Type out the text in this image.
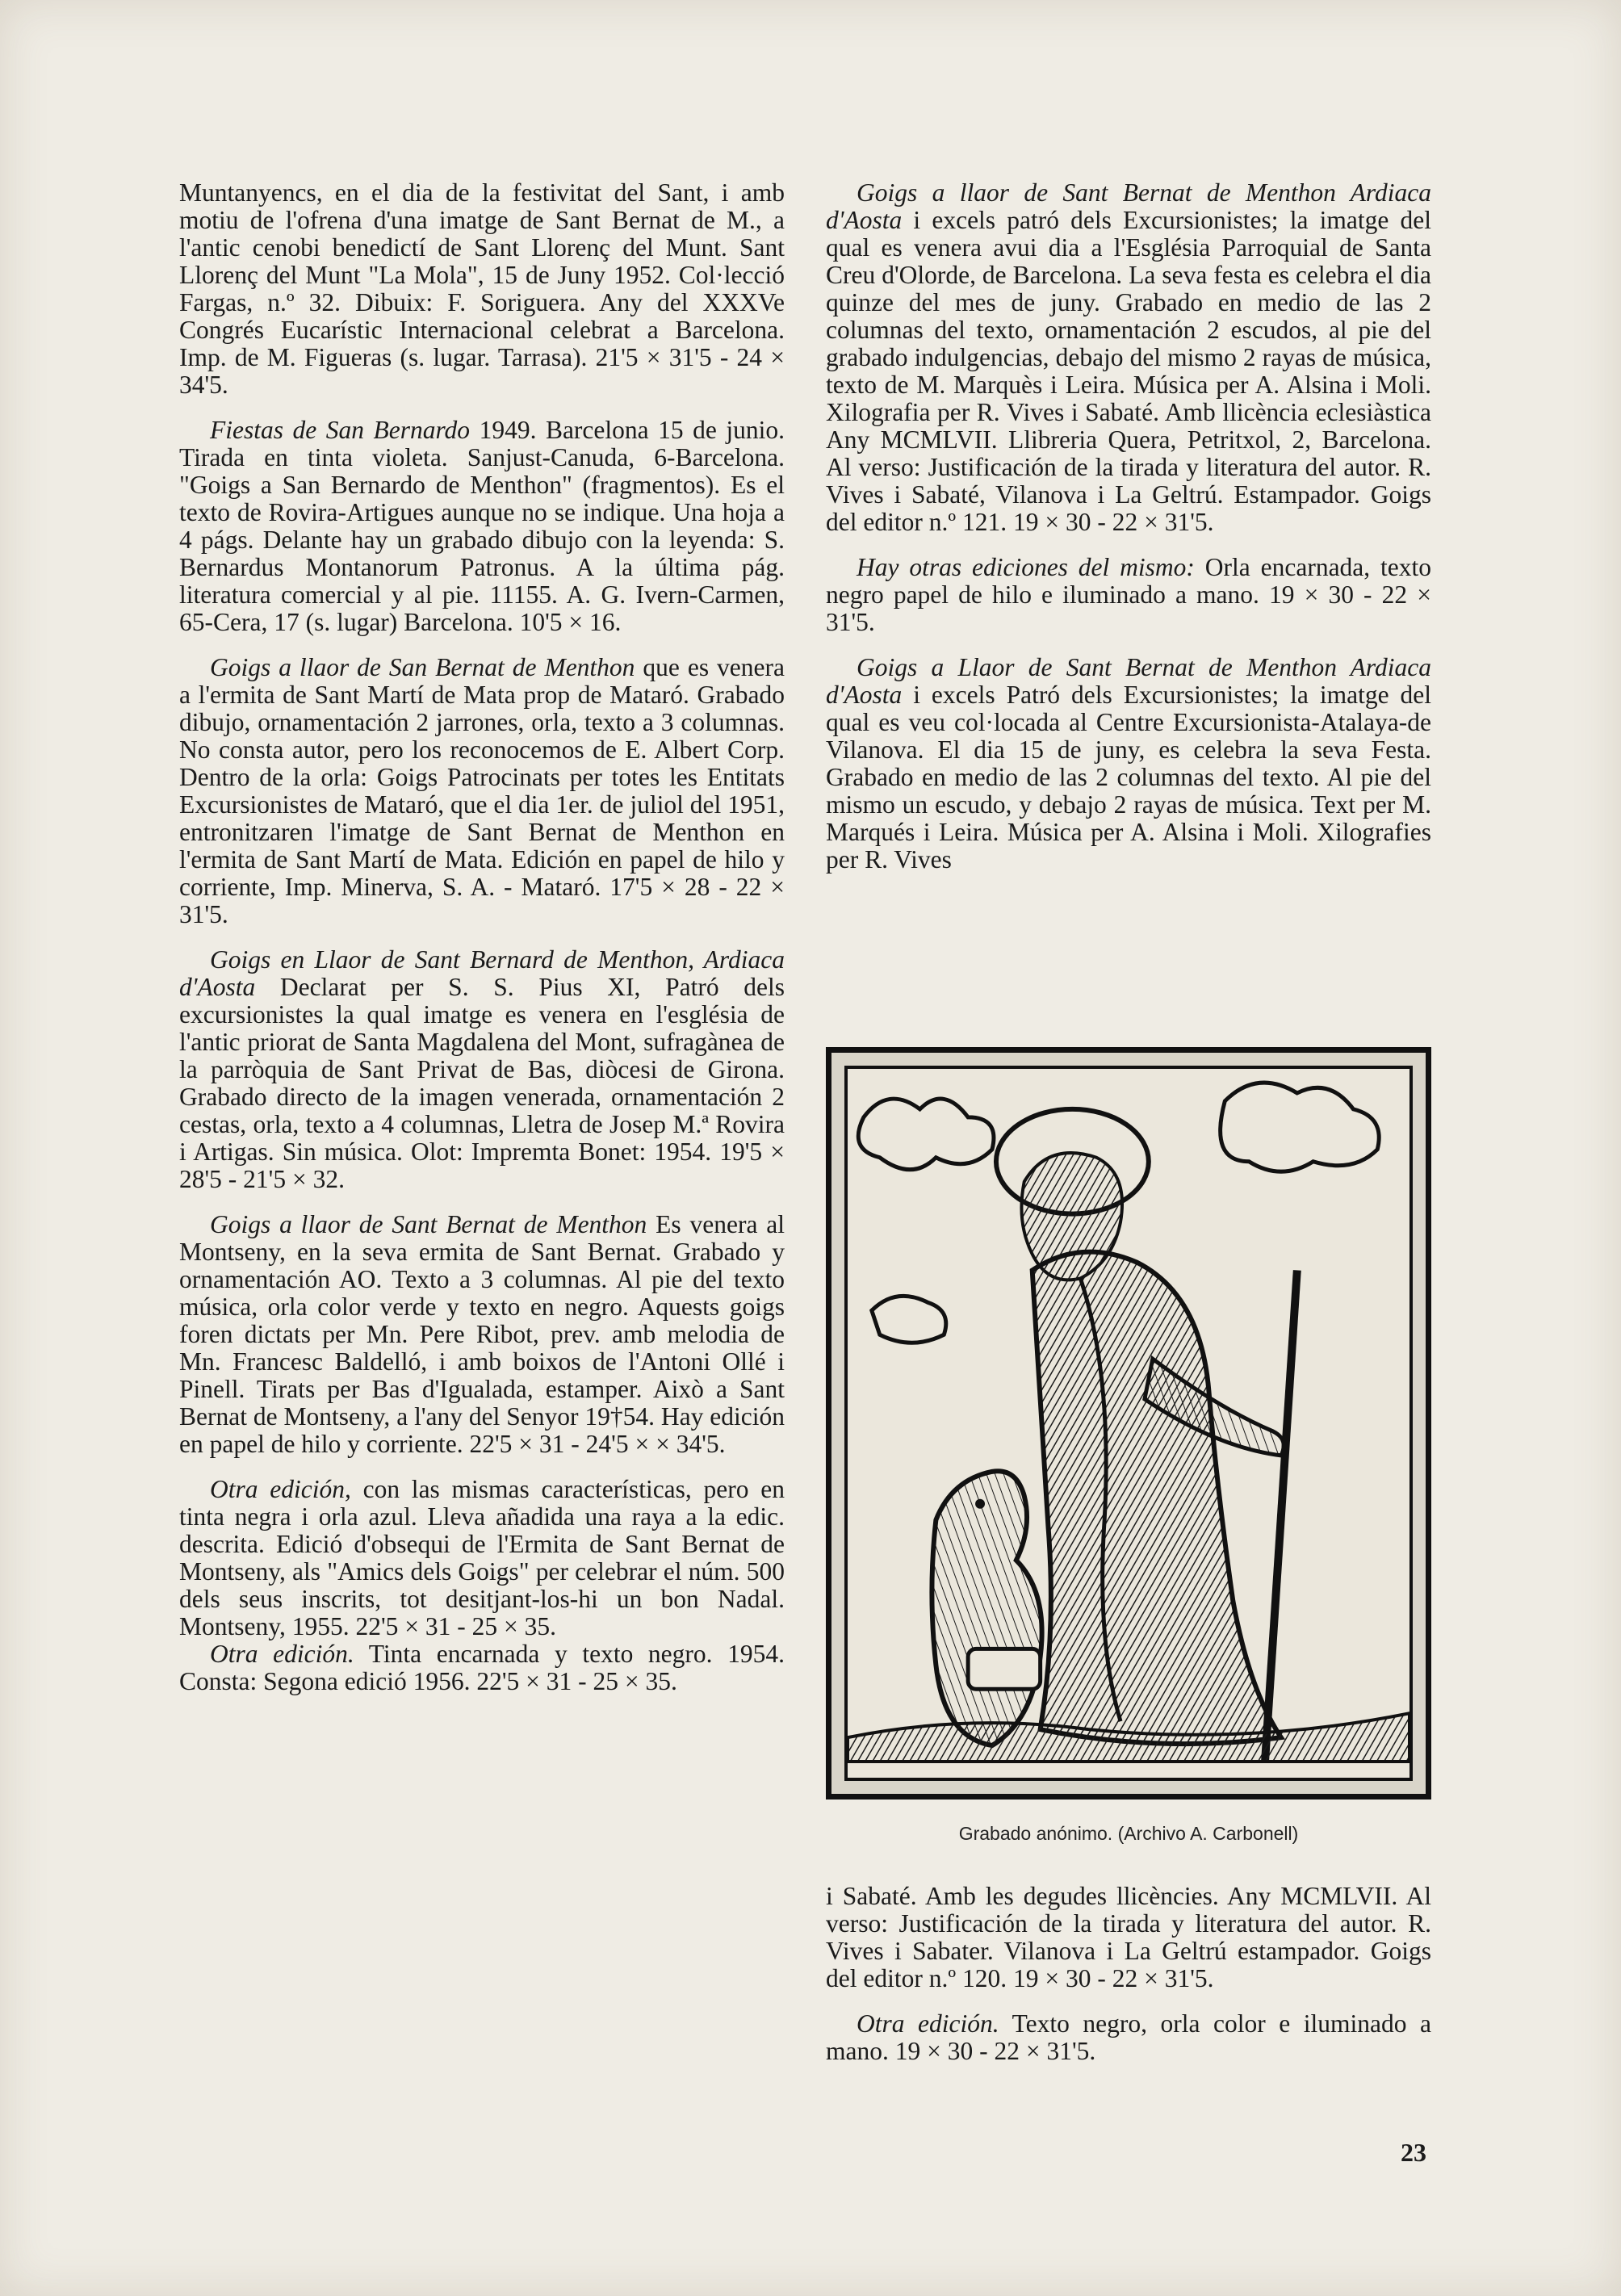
Muntanyencs, en el dia de la festivitat del Sant, i amb motiu de l'ofrena d'una imatge de Sant Bernat de M., a l'antic cenobi benedictí de Sant Llorenç del Munt. Sant Llorenç del Munt "La Mola", 15 de Juny 1952. Col·lecció Fargas, n.º 32. Dibuix: F. Soriguera. Any del XXXVe Congrés Eucarístic Internacional celebrat a Barcelona. Imp. de M. Figueras (s. lugar. Tarrasa). 21'5 × 31'5 - 24 × 34'5.

Fiestas de San Bernardo 1949. Barcelona 15 de junio. Tirada en tinta violeta. Sanjust-Canuda, 6-Barcelona. "Goigs a San Bernardo de Menthon" (fragmentos). Es el texto de Rovira-Artigues aunque no se indique. Una hoja a 4 págs. Delante hay un grabado dibujo con la leyenda: S. Bernardus Montanorum Patronus. A la última pág. literatura comercial y al pie. 11155. A. G. Ivern-Carmen, 65-Cera, 17 (s. lugar) Barcelona. 10'5 × 16.

Goigs a llaor de San Bernat de Menthon que es venera a l'ermita de Sant Martí de Mata prop de Mataró. Grabado dibujo, ornamentación 2 jarrones, orla, texto a 3 columnas. No consta autor, pero los reconocemos de E. Albert Corp. Dentro de la orla: Goigs Patrocinats per totes les Entitats Excursionistes de Mataró, que el dia 1er. de juliol del 1951, entronitzaren l'imatge de Sant Bernat de Menthon en l'ermita de Sant Martí de Mata. Edición en papel de hilo y corriente, Imp. Minerva, S. A. - Mataró. 17'5 × 28 - 22 × 31'5.

Goigs en Llaor de Sant Bernard de Menthon, Ardiaca d'Aosta Declarat per S. S. Pius XI, Patró dels excursionistes la qual imatge es venera en l'església de l'antic priorat de Santa Magdalena del Mont, sufragànea de la parròquia de Sant Privat de Bas, diòcesi de Girona. Grabado directo de la imagen venerada, ornamentación 2 cestas, orla, texto a 4 columnas, Lletra de Josep M.ª Rovira i Artigas. Sin música. Olot: Impremta Bonet: 1954. 19'5 × 28'5 - 21'5 × 32.

Goigs a llaor de Sant Bernat de Menthon Es venera al Montseny, en la seva ermita de Sant Bernat. Grabado y ornamentación AO. Texto a 3 columnas. Al pie del texto música, orla color verde y texto en negro. Aquests goigs foren dictats per Mn. Pere Ribot, prev. amb melodia de Mn. Francesc Baldelló, i amb boixos de l'Antoni Ollé i Pinell. Tirats per Bas d'Igualada, estamper. Això a Sant Bernat de Montseny, a l'any del Senyor 19†54. Hay edición en papel de hilo y corriente. 22'5 × 31 - 24'5 × × 34'5.

Otra edición, con las mismas características, pero en tinta negra i orla azul. Lleva añadida una raya a la edic. descrita. Edició d'obsequi de l'Ermita de Sant Bernat de Montseny, als "Amics dels Goigs" per celebrar el núm. 500 dels seus inscrits, tot desitjant-los-hi un bon Nadal. Montseny, 1955. 22'5 × 31 - 25 × 35.

Otra edición. Tinta encarnada y texto negro. 1954. Consta: Segona edició 1956. 22'5 × 31 - 25 × 35.

Goigs a llaor de Sant Bernat de Menthon Ardiaca d'Aosta i excels patró dels Excursionistes; la imatge del qual es venera avui dia a l'Església Parroquial de Santa Creu d'Olorde, de Barcelona. La seva festa es celebra el dia quinze del mes de juny. Grabado en medio de las 2 columnas del texto, ornamentación 2 escudos, al pie del grabado indulgencias, debajo del mismo 2 rayas de música, texto de M. Marquès i Leira. Música per A. Alsina i Moli. Xilografia per R. Vives i Sabaté. Amb llicència eclesiàstica Any MCMLVII. Llibreria Quera, Petritxol, 2, Barcelona. Al verso: Justificación de la tirada y literatura del autor. R. Vives i Sabaté, Vilanova i La Geltrú. Estampador. Goigs del editor n.º 121. 19 × 30 - 22 × 31'5.

Hay otras ediciones del mismo: Orla encarnada, texto negro papel de hilo e iluminado a mano. 19 × 30 - 22 × 31'5.

Goigs a Llaor de Sant Bernat de Menthon Ardiaca d'Aosta i excels Patró dels Excursionistes; la imatge del qual es veu col·locada al Centre Excursionista-Atalaya-de Vilanova. El dia 15 de juny, es celebra la seva Festa. Grabado en medio de las 2 columnas del texto. Al pie del mismo un escudo, y debajo 2 rayas de música. Text per M. Marqués i Leira. Música per A. Alsina i Moli. Xilografies per R. Vives

Grabado anónimo. (Archivo A. Carbonell)

i Sabaté. Amb les degudes llicències. Any MCMLVII. Al verso: Justificación de la tirada y literatura del autor. R. Vives i Sabater. Vilanova i La Geltrú estampador. Goigs del editor n.º 120. 19 × 30 - 22 × 31'5.

Otra edición. Texto negro, orla color e iluminado a mano. 19 × 30 - 22 × 31'5.

23
